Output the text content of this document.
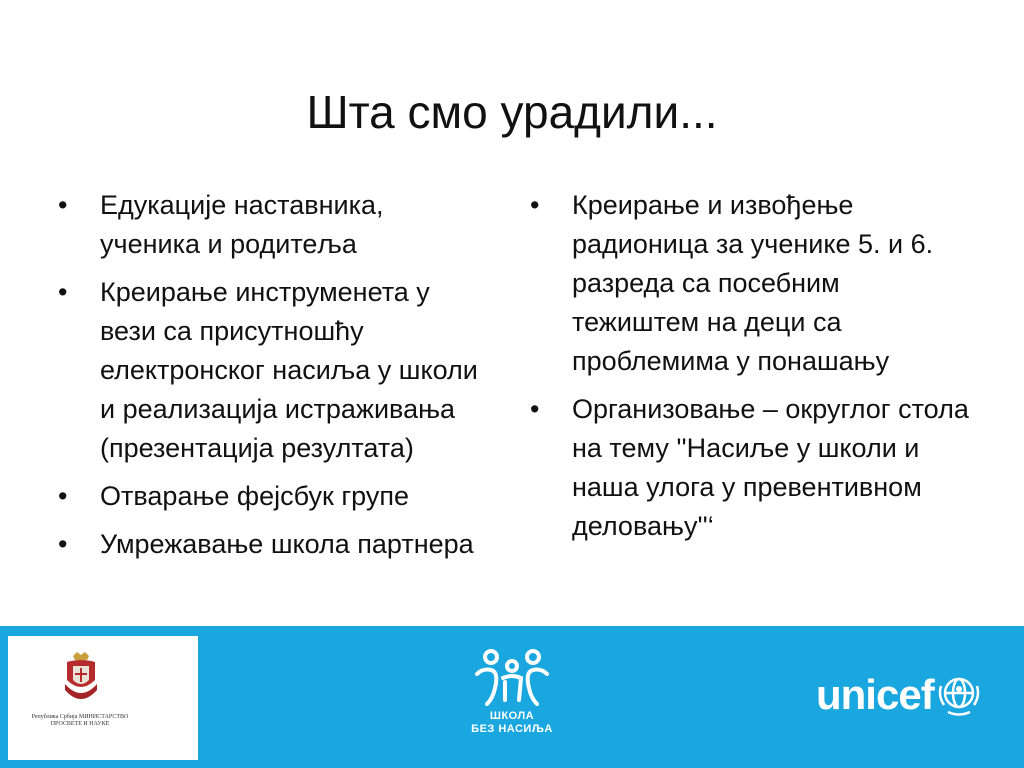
Шта смо урадили...
•	Едукације наставника, ученика и родитеља
•	Креирање инструменета у вези са присутношћу електронског насиља у школи и реализација истраживања (презентација резултата)
•	Отварање фејсбук групе
•	Умрежавање школа партнера
•	Креирање и извођење радионица за ученике 5. и 6. разреда са посебним тежиштем на деци са проблемима у понашању
•	Организовање – округлог стола на тему ''Насиље у школи и наша улога у превентивном деловању''‘
Република Србија МИНИСТАРСТВО ПРОСВЕТЕ И НАУКЕ
ШКОЛА
БЕЗ НАСИЉА
unicef
